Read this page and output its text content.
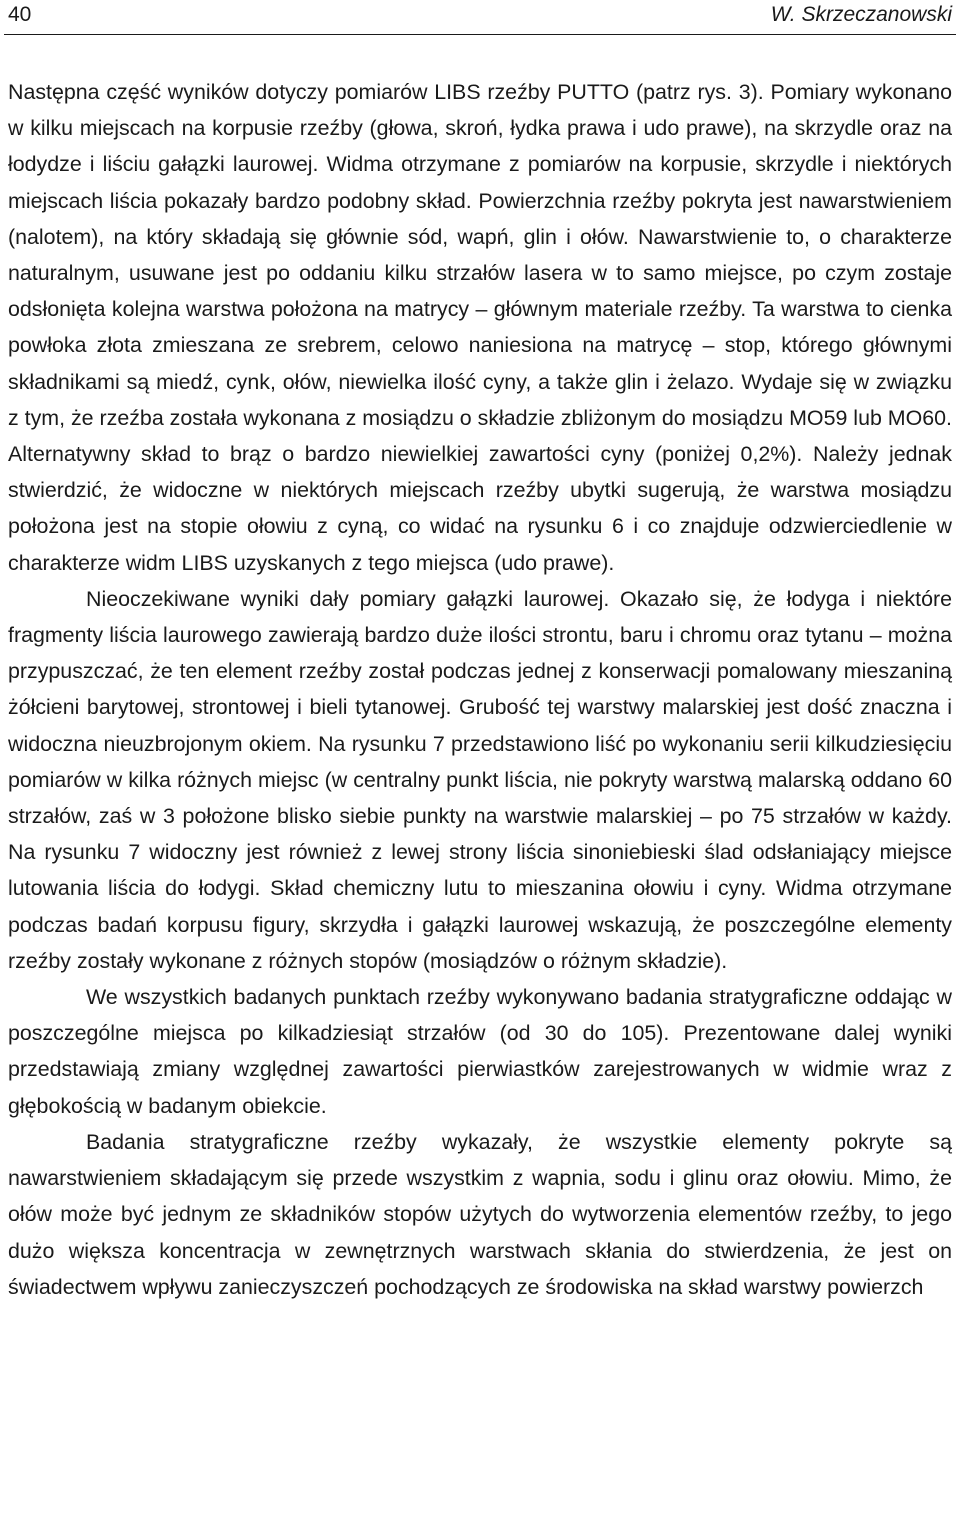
40	W. Skrzeczanowski

Następna część wyników dotyczy pomiarów LIBS rzeźby PUTTO (patrz rys. 3). Pomiary wykonano w kilku miejscach na korpusie rzeźby (głowa, skroń, łydka prawa i udo prawe), na skrzydle oraz na łodydze i liściu gałązki laurowej. Widma otrzymane z pomiarów na korpusie, skrzydle i niektórych miejscach liścia pokazały bardzo podobny skład. Powierzchnia rzeźby pokryta jest nawarstwieniem (nalotem), na który składają się głównie sód, wapń, glin i ołów. Nawarstwienie to, o charakterze naturalnym, usuwane jest po oddaniu kilku strzałów lasera w to samo miejsce, po czym zostaje odsłonięta kolejna warstwa położona na matrycy – głównym materiale rzeźby. Ta warstwa to cienka powłoka złota zmieszana ze srebrem, celowo naniesiona na matrycę – stop, którego głównymi składnikami są miedź, cynk, ołów, niewielka ilość cyny, a także glin i żelazo. Wydaje się w związku z tym, że rzeźba została wykonana z mosiądzu o składzie zbliżonym do mosiądzu MO59 lub MO60. Alternatywny skład to brąz o bardzo niewielkiej zawartości cyny (poniżej 0,2%). Należy jednak stwierdzić, że widoczne w niektórych miejscach rzeźby ubytki sugerują, że warstwa mosiądzu położona jest na stopie ołowiu z cyną, co widać na rysunku 6 i co znajduje odzwierciedlenie w charakterze widm LIBS uzyskanych z tego miejsca (udo prawe).

Nieoczekiwane wyniki dały pomiary gałązki laurowej. Okazało się, że łodyga i niektóre fragmenty liścia laurowego zawierają bardzo duże ilości strontu, baru i chromu oraz tytanu – można przypuszczać, że ten element rzeźby został podczas jednej z konserwacji pomalowany mieszaniną żółcieni barytowej, strontowej i bieli tytanowej. Grubość tej warstwy malarskiej jest dość znaczna i widoczna nieuzbrojonym okiem. Na rysunku 7 przedstawiono liść po wykonaniu serii kilkudziesięciu pomiarów w kilka różnych miejsc (w centralny punkt liścia, nie pokryty warstwą malarską oddano 60 strzałów, zaś w 3 położone blisko siebie punkty na warstwie malarskiej – po 75 strzałów w każdy. Na rysunku 7 widoczny jest również z lewej strony liścia sinoniebieski ślad odsłaniający miejsce lutowania liścia do łodygi. Skład chemiczny lutu to mieszanina ołowiu i cyny. Widma otrzymane podczas badań korpusu figury, skrzydła i gałązki laurowej wskazują, że poszczególne elementy rzeźby zostały wykonane z różnych stopów (mosiądzów o różnym składzie).

We wszystkich badanych punktach rzeźby wykonywano badania stratygraficzne oddając w poszczególne miejsca po kilkadziesiąt strzałów (od 30 do 105). Prezentowane dalej wyniki przedstawiają zmiany względnej zawartości pierwiastków zarejestrowanych w widmie wraz z głębokością w badanym obiekcie.

Badania stratygraficzne rzeźby wykazały, że wszystkie elementy pokryte są nawarstwieniem składającym się przede wszystkim z wapnia, sodu i glinu oraz ołowiu. Mimo, że ołów może być jednym ze składników stopów użytych do wytworzenia elementów rzeźby, to jego dużo większa koncentracja w zewnętrznych warstwach skłania do stwierdzenia, że jest on świadectwem wpływu zanieczyszczeń pochodzących ze środowiska na skład warstwy powierzch
